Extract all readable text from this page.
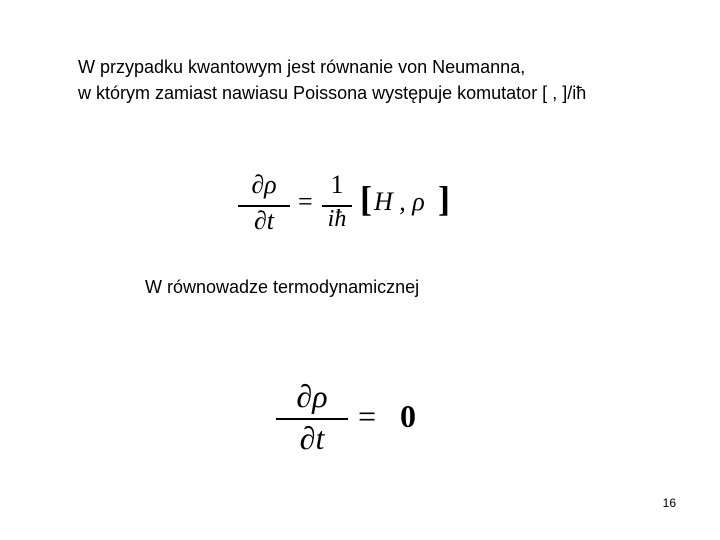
W przypadku kwantowym jest równanie von Neumanna,
w którym zamiast nawiasu Poissona występuje komutator [ , ]/iħ
∂ρ
∂t
=
1
iħ [ H , ρ ]
W równowadze termodynamicznej
∂ρ
∂t
= 0
16
